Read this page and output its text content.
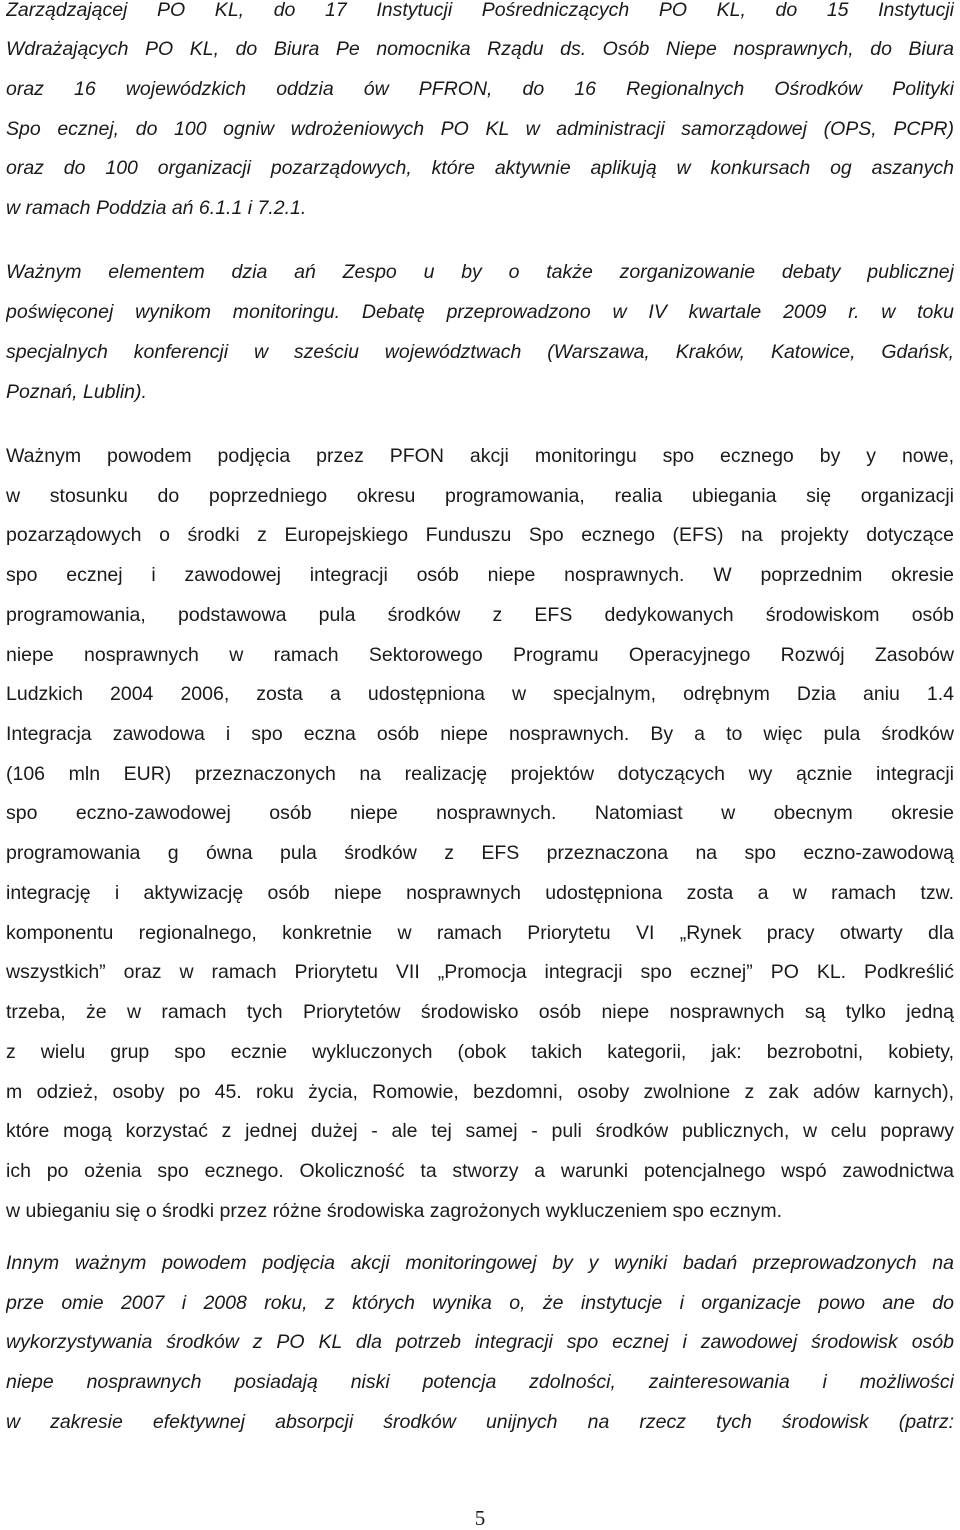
Zarządzającej PO KL, do 17 Instytucji Pośredniczących PO KL, do 15 Instytucji
Wdrażających PO KL, do Biura Pe nomocnika Rządu ds. Osób Niepe nosprawnych, do Biura
oraz 16 wojewódzkich oddzia ów PFRON, do 16 Regionalnych Ośrodków Polityki
Spo ecznej, do 100 ogniw wdrożeniowych PO KL w administracji samorządowej (OPS, PCPR)
oraz do 100 organizacji pozarządowych, które aktywnie aplikują w konkursach og aszanych
w ramach Poddzia ań 6.1.1 i 7.2.1.
Ważnym elementem dzia ań Zespo u by o także zorganizowanie debaty publicznej
poświęconej wynikom monitoringu. Debatę przeprowadzono w IV kwartale 2009 r. w toku
specjalnych konferencji w sześciu województwach (Warszawa, Kraków, Katowice, Gdańsk,
Poznań, Lublin).
Ważnym powodem podjęcia przez PFON akcji monitoringu spo ecznego by y nowe,
w stosunku do poprzedniego okresu programowania, realia ubiegania się organizacji
pozarządowych o środki z Europejskiego Funduszu Spo ecznego (EFS) na projekty dotyczące
spo ecznej i zawodowej integracji osób niepe nosprawnych. W poprzednim okresie
programowania, podstawowa pula środków z EFS dedykowanych środowiskom osób
niepe nosprawnych w ramach Sektorowego Programu Operacyjnego Rozwój Zasobów
Ludzkich 2004 2006, zosta a udostępniona w specjalnym, odrębnym Dzia aniu 1.4
Integracja zawodowa i spo eczna osób niepe nosprawnych. By a to więc pula środków
(106 mln EUR) przeznaczonych na realizację projektów dotyczących wy ącznie integracji
spo eczno-zawodowej osób niepe nosprawnych. Natomiast w obecnym okresie
programowania g ówna pula środków z EFS przeznaczona na spo eczno-zawodową
integrację i aktywizację osób niepe nosprawnych udostępniona zosta a w ramach tzw.
komponentu regionalnego, konkretnie w ramach Priorytetu VI „Rynek pracy otwarty dla
wszystkich” oraz w ramach Priorytetu VII „Promocja integracji spo ecznej” PO KL. Podkreślić
trzeba, że w ramach tych Priorytetów środowisko osób niepe nosprawnych są tylko jedną
z wielu grup spo ecznie wykluczonych (obok takich kategorii, jak: bezrobotni, kobiety,
m odzież, osoby po 45. roku życia, Romowie, bezdomni, osoby zwolnione z zak adów karnych),
które mogą korzystać z jednej dużej - ale tej samej - puli środków publicznych, w celu poprawy
ich po ożenia spo ecznego. Okoliczność ta stworzy a warunki potencjalnego wspó zawodnictwa
w ubieganiu się o środki przez różne środowiska zagrożonych wykluczeniem spo ecznym.
Innym ważnym powodem podjęcia akcji monitoringowej by y wyniki badań przeprowadzonych na
prze omie 2007 i 2008 roku, z których wynika o, że instytucje i organizacje powo ane do
wykorzystywania środków z PO KL dla potrzeb integracji spo ecznej i zawodowej środowisk osób
niepe nosprawnych posiadają niski potencja zdolności, zainteresowania i możliwości
w zakresie efektywnej absorpcji środków unijnych na rzecz tych środowisk (patrz:
5
